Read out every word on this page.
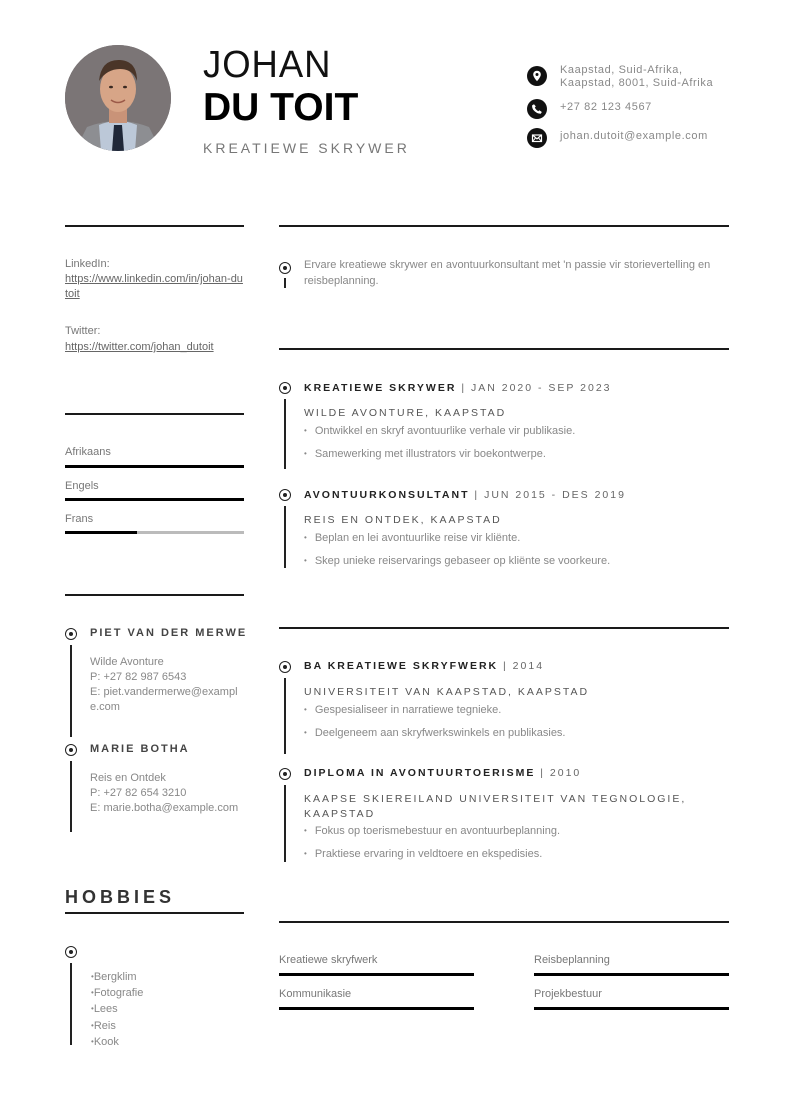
JOHAN
DU TOIT
KREATIEWE SKRYWER
Kaapstad, Suid-Afrika,
Kaapstad, 8001, Suid-Afrika
+27 82 123 4567
johan.dutoit@example.com
LinkedIn:
https://www.linkedin.com/in/johan-dutoit
Twitter:
https://twitter.com/johan_dutoit
Afrikaans
Engels
Frans
PIET VAN DER MERWE
Wilde Avonture
P: +27 82 987 6543
E: piet.vandermerwe@example.com
MARIE BOTHA
Reis en Ontdek
P: +27 82 654 3210
E: marie.botha@example.com
HOBBIES
• Bergklim
• Fotografie
• Lees
• Reis
• Kook
Ervare kreatiewe skrywer en avontuurkonsultant met 'n passie vir storievertelling en reisbeplanning.
KREATIEWE SKRYWER | JAN 2020 - SEP 2023
WILDE AVONTURE, KAAPSTAD
• Ontwikkel en skryf avontuurlike verhale vir publikasie.
• Samewerking met illustrators vir boekontwerpe.
AVONTUURKONSULTANT | JUN 2015 - DES 2019
REIS EN ONTDEK, KAAPSTAD
• Beplan en lei avontuurlike reise vir kliënte.
• Skep unieke reiservarings gebaseer op kliënte se voorkeure.
BA KREATIEWE SKRYFWERK | 2014
UNIVERSITEIT VAN KAAPSTAD, KAAPSTAD
• Gespesialiseer in narratiewe tegnieke.
• Deelgeneem aan skryfwerkswinkels en publikasies.
DIPLOMA IN AVONTUURTOERISME | 2010
KAAPSE SKIEREILAND UNIVERSITEIT VAN TEGNOLOGIE, KAAPSTAD
• Fokus op toerismebestuur en avontuurbeplanning.
• Praktiese ervaring in veldtoere en ekspedisies.
Kreatiewe skryfwerk	Reisbeplanning
Kommunikasie	Projekbestuur
